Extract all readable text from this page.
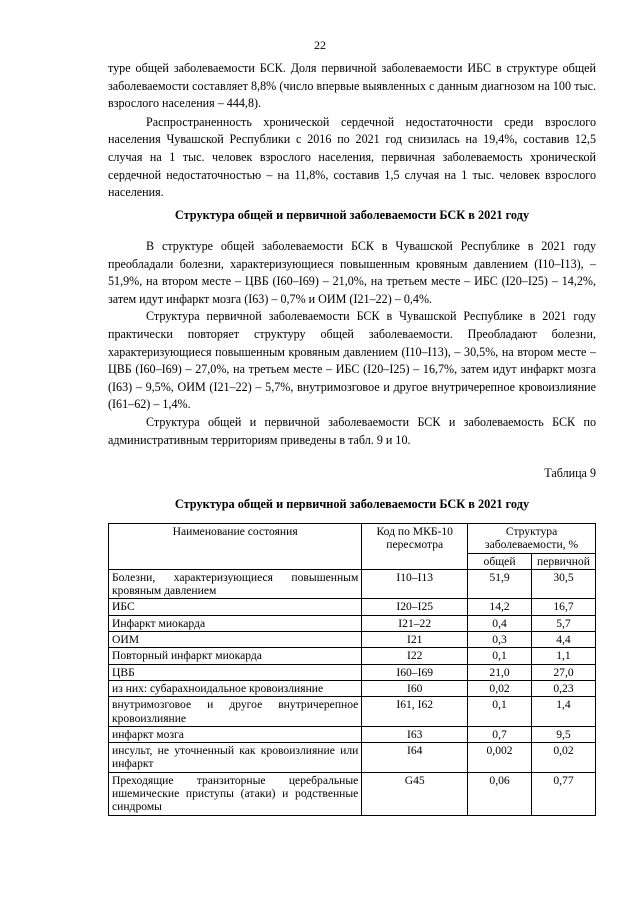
22

туре общей заболеваемости БСК. Доля первичной заболеваемости ИБС в структуре общей заболеваемости составляет 8,8% (число впервые выявленных с данным диагнозом на 100 тыс. взрослого населения – 444,8).

Распространенность хронической сердечной недостаточности среди взрослого населения Чувашской Республики с 2016 по 2021 год снизилась на 19,4%, составив 12,5 случая на 1 тыс. человек взрослого населения, первичная заболеваемость хронической сердечной недостаточностью – на 11,8%, составив 1,5 случая на 1 тыс. человек взрослого населения.

Структура общей и первичной заболеваемости БСК в 2021 году

В структуре общей заболеваемости БСК в Чувашской Республике в 2021 году преобладали болезни, характеризующиеся повышенным кровяным давлением (I10–I13), – 51,9%, на втором месте – ЦВБ (I60–I69) – 21,0%, на третьем месте – ИБС (I20–I25) – 14,2%, затем идут инфаркт мозга (I63) – 0,7% и ОИМ (I21–22) – 0,4%.

Структура первичной заболеваемости БСК в Чувашской Республике в 2021 году практически повторяет структуру общей заболеваемости. Преобладают болезни, характеризующиеся повышенным кровяным давлением (I10–I13), – 30,5%, на втором месте – ЦВБ (I60–I69) – 27,0%, на третьем месте – ИБС (I20–I25) – 16,7%, затем идут инфаркт мозга (I63) – 9,5%, ОИМ (I21–22) – 5,7%, внутримозговое и другое внутричерепное кровоизлияние (I61–62) – 1,4%.

Структура общей и первичной заболеваемости БСК и заболеваемость БСК по административным территориям приведены в табл. 9 и 10.

Таблица 9
Структура общей и первичной заболеваемости БСК в 2021 году
Наименование состояния	Код по МКБ-10 пересмотра	Структура заболеваемости, %	
		общей	первичной
Болезни, характеризующиеся повышенным кровяным давлением	I10–I13	51,9	30,5
ИБС	I20–I25	14,2	16,7
Инфаркт миокарда	I21–22	0,4	5,7
ОИМ	I21	0,3	4,4
Повторный инфаркт миокарда	I22	0,1	1,1
ЦВБ	I60–I69	21,0	27,0
из них: субарахноидальное кровоизлияние	I60	0,02	0,23
внутримозговое и другое внутричерепное кровоизлияние	I61, I62	0,1	1,4
инфаркт мозга	I63	0,7	9,5
инсульт, не уточненный как кровоизлияние или инфаркт	I64	0,002	0,02
Преходящие транзиторные церебральные ишемические приступы (атаки) и родственные синдромы	G45	0,06	0,77
